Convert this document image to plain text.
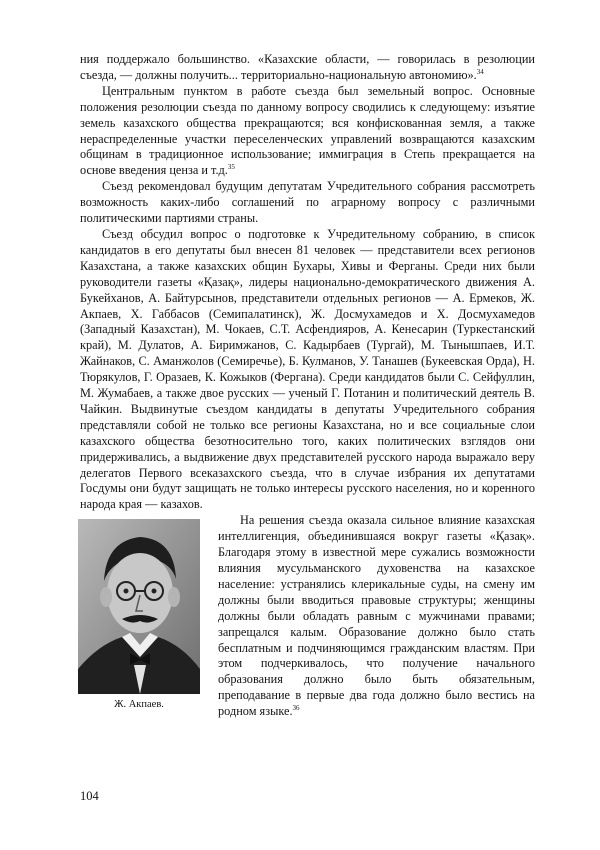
ния поддержало большинство. «Казахские области, — говорилась в резолюции съезда, — должны получить... территориально-национальную автономию».$^{34}$

Центральным пунктом в работе съезда был земельный вопрос. Основные положения резолюции съезда по данному вопросу сводились к следующему: изъятие земель казахского общества прекращаются; вся конфискованная земля, а также нераспределенные участки переселенческих управлений возвращаются казахским общинам в традиционное использование; иммиграция в Степь прекращается на основе введения ценза и т.д.$^{35}$

Съезд рекомендовал будущим депутатам Учредительного собрания рассмотреть возможность каких-либо соглашений по аграрному вопросу с различными политическими партиями страны.

Съезд обсудил вопрос о подготовке к Учредительному собранию, в список кандидатов в его депутаты был внесен 81 человек — представители всех регионов Казахстана, а также казахских общин Бухары, Хивы и Ферганы. Среди них были руководители газеты «Қазақ», лидеры национально-демократического движения А. Букейханов, А. Байтурсынов, представители отдельных регионов — А. Ермеков, Ж. Акпаев, Х. Габбасов (Семипалатинск), Ж. Досмухамедов и Х. Досмухамедов (Западный Казахстан), М. Чокаев, С.Т. Асфендияров, А. Кенесарин (Туркестанский край), М. Дулатов, А. Биримжанов, С. Кадырбаев (Тургай), М. Тынышпаев, И.Т. Жайнаков, С. Аманжолов (Семиречье), Б. Кулманов, У. Танашев (Букеевская Орда), Н. Тюрякулов, Г. Оразаев, К. Кожыков (Фергана). Среди кандидатов были С. Сейфуллин, М. Жумабаев, а также двое русских — ученый Г. Потанин и политический деятель В. Чайкин. Выдвинутые съездом кандидаты в депутаты Учредительного собрания представляли собой не только все регионы Казахстана, но и все социальные слои казахского общества безотносительно того, каких политических взглядов они придерживались, а выдвижение двух представителей русского народа выражало веру делегатов Первого всеказахского съезда, что в случае избрания их депутатами Госдумы они будут защищать не только интересы русского населения, но и коренного народа края — казахов.

Ж. Акпаев.
На решения съезда оказала сильное влияние казахская интеллигенция, объединившаяся вокруг газеты «Қазақ». Благодаря этому в известной мере сужались возможности влияния мусульманского духовенства на казахское население: устранялись клерикальные суды, на смену им должны были вводиться правовые структуры; женщины должны были обладать равным с мужчинами правами; запрещался калым. Образование должно было стать бесплатным и подчиняющимся гражданским властям. При этом подчеркивалось, что получение начального образования должно было быть обязательным, преподавание в первые два года должно было вестись на родном языке.$^{36}$

104
